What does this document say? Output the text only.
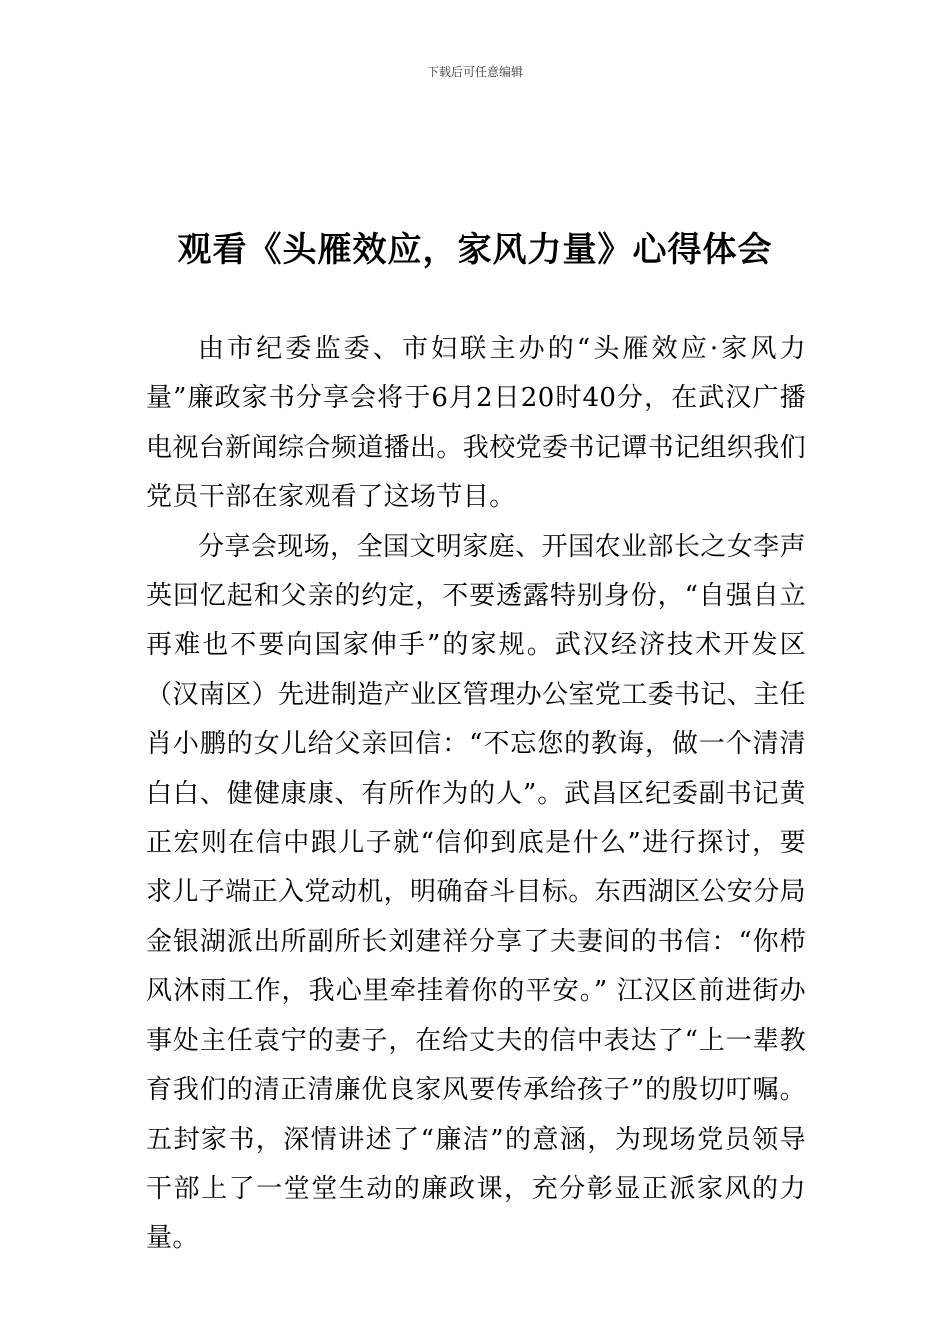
下载后可任意编辑
观看《头雁效应，家风力量》心得体会

由市纪委监委、市妇联主办的“头雁效应·家风力量”廉政家书分享会将于6月2日20时40分，在武汉广播电视台新闻综合频道播出。我校党委书记谭书记组织我们党员干部在家观看了这场节目。

分享会现场，全国文明家庭、开国农业部长之女李声英回忆起和父亲的约定，不要透露特别身份，“自强自立再难也不要向国家伸手”的家规。武汉经济技术开发区（汉南区）先进制造产业区管理办公室党工委书记、主任肖小鹏的女儿给父亲回信：“不忘您的教诲，做一个清清白白、健健康康、有所作为的人”。武昌区纪委副书记黄正宏则在信中跟儿子就“信仰到底是什么”进行探讨，要求儿子端正入党动机，明确奋斗目标。东西湖区公安分局金银湖派出所副所长刘建祥分享了夫妻间的书信：“你栉风沐雨工作，我心里牵挂着你的平安。” 江汉区前进街办事处主任袁宁的妻子，在给丈夫的信中表达了“上一辈教育我们的清正清廉优良家风要传承给孩子”的殷切叮嘱。五封家书，深情讲述了“廉洁”的意涵，为现场党员领导干部上了一堂堂生动的廉政课，充分彰显正派家风的力量。
